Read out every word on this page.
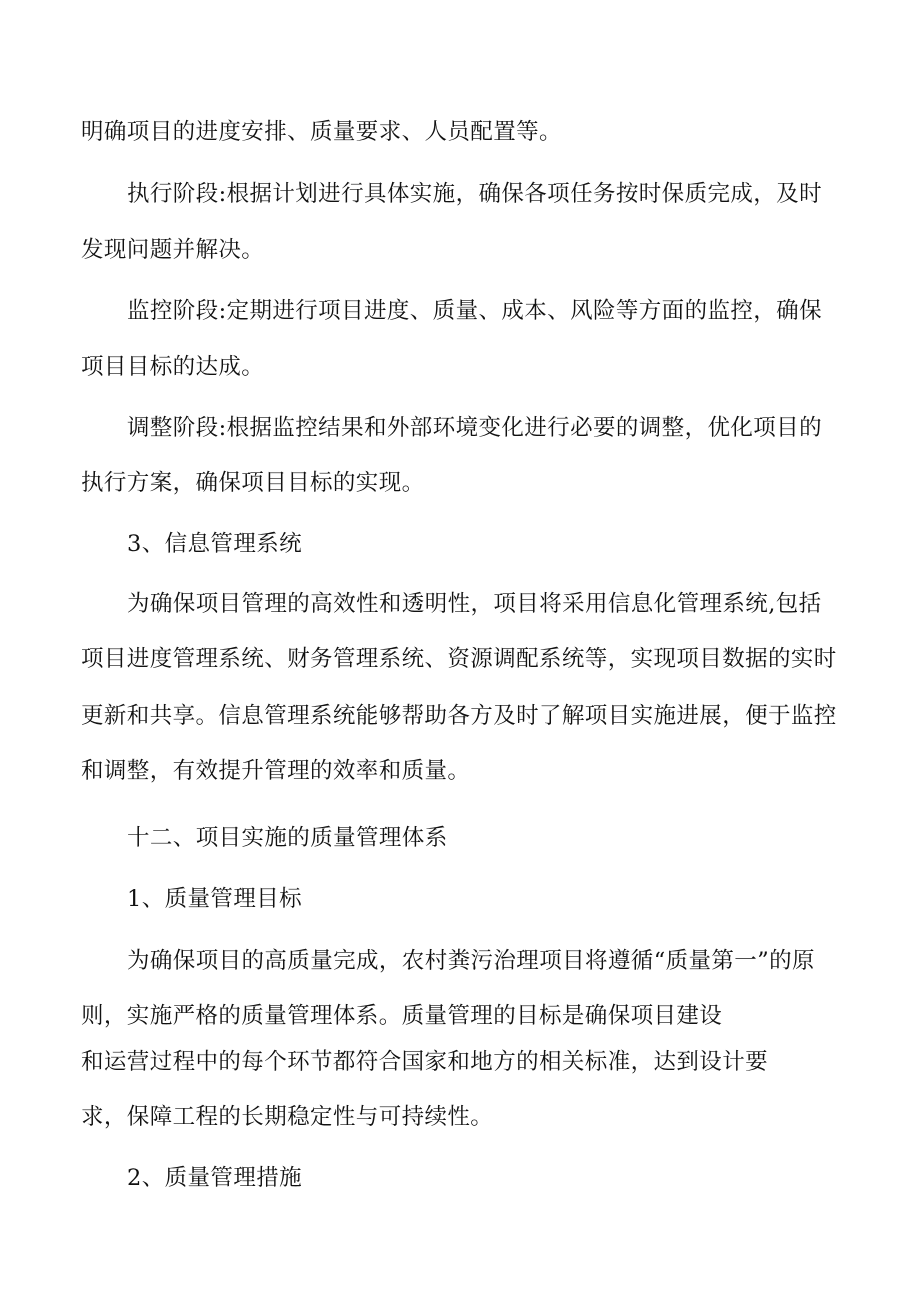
明确项目的进度安排、质量要求、人员配置等。
执行阶段:根据计划进行具体实施，确保各项任务按时保质完成，及时
发现问题并解决。
监控阶段:定期进行项目进度、质量、成本、风险等方面的监控，确保
项目目标的达成。
调整阶段:根据监控结果和外部环境变化进行必要的调整，优化项目的
执行方案，确保项目目标的实现。
3、信息管理系统
为确保项目管理的高效性和透明性，项目将采用信息化管理系统,包括
项目进度管理系统、财务管理系统、资源调配系统等，实现项目数据的实时
更新和共享。信息管理系统能够帮助各方及时了解项目实施进展，便于监控
和调整，有效提升管理的效率和质量。
十二、项目实施的质量管理体系
1、质量管理目标
为确保项目的高质量完成，农村粪污治理项目将遵循“质量第一”的原
则，实施严格的质量管理体系。质量管理的目标是确保项目建设
和运营过程中的每个环节都符合国家和地方的相关标准，达到设计要
求，保障工程的长期稳定性与可持续性。
2、质量管理措施
